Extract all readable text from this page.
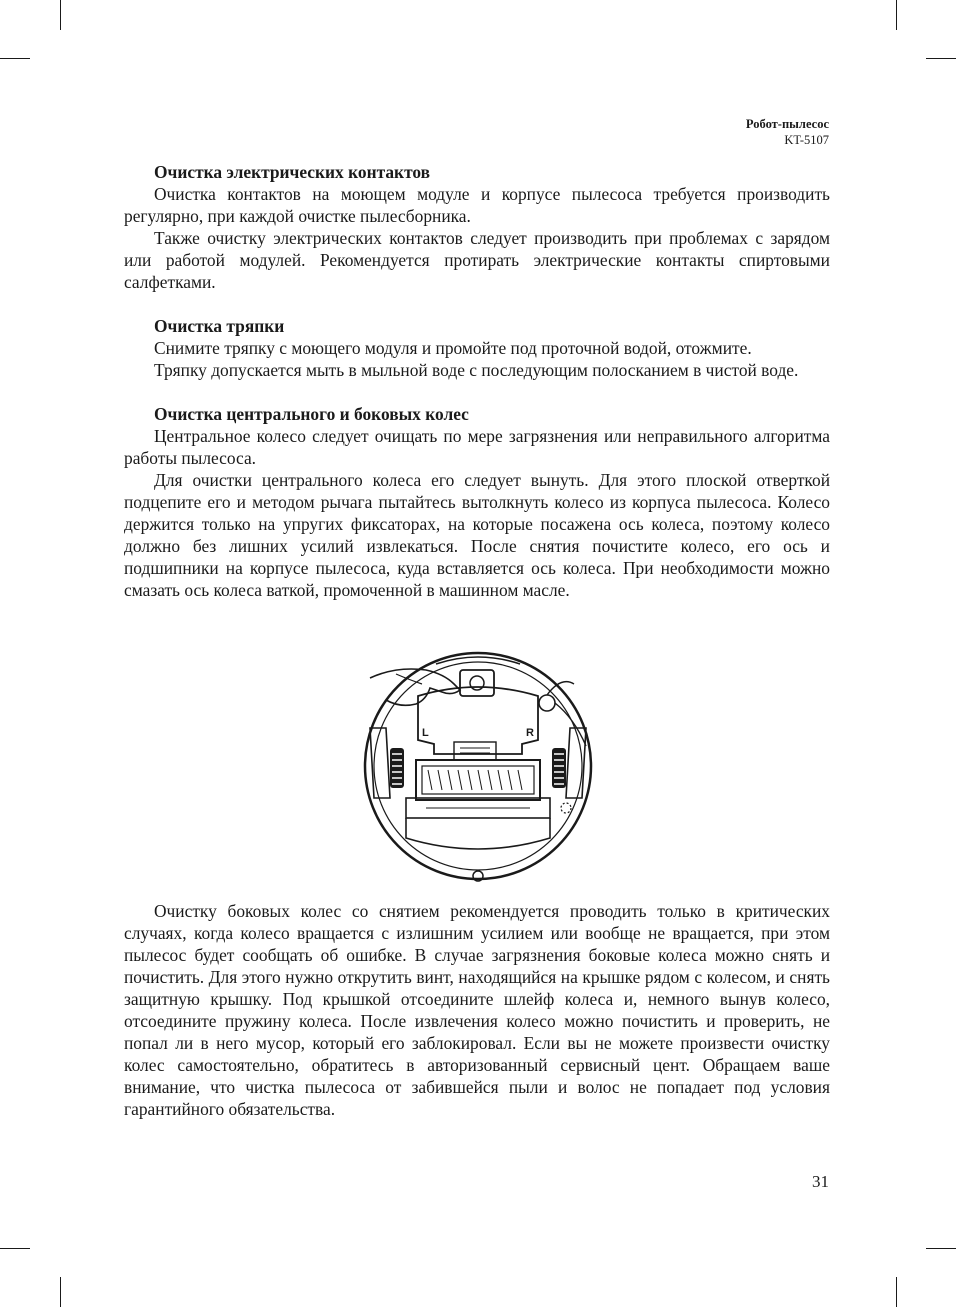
Робот-пылесос
KT-5107
Очистка электрических контактов

Очистка контактов на моющем модуле и корпусе пылесоса требуется производить регулярно, при каждой очистке пылесборника.

Также очистку электрических контактов следует производить при проблемах с зарядом или работой модулей. Рекомендуется протирать электрические контакты спиртовыми салфетками.

Очистка тряпки

Снимите тряпку с моющего модуля и промойте под проточной водой, отожмите.

Тряпку допускается мыть в мыльной воде с последующим полосканием в чистой воде.

Очистка центрального и боковых колес

Центральное колесо следует очищать по мере загрязнения или неправильного алгоритма работы пылесоса.

Для очистки центрального колеса его следует вынуть. Для этого плоской отверткой подцепите его и методом рычага пытайтесь вытолкнуть колесо из корпуса пылесоса. Колесо держится только на упругих фиксаторах, на которые посажена ось колеса, поэтому колесо должно без лишних усилий извлекаться. После снятия почистите колесо, его ось и подшипники на корпусе пылесоса, куда вставляется ось колеса. При необходимости можно смазать ось колеса ваткой, промоченной в машинном масле.

L	R

Очистку боковых колес со снятием рекомендуется проводить только в критических случаях, когда колесо вращается с излишним усилием или вообще не вращается, при этом пылесос будет сообщать об ошибке. В случае загрязнения боковые колеса можно снять и почистить. Для этого нужно открутить винт, находящийся на крышке рядом с колесом, и снять защитную крышку. Под крышкой отсоедините шлейф колеса и, немного вынув колесо, отсоедините пружину колеса. После извлечения колесо можно почистить и проверить, не попал ли в него мусор, который его заблокировал. Если вы не можете произвести очистку колес самостоятельно, обратитесь в авторизованный сервисный цент. Обращаем ваше внимание, что чистка пылесоса от забившейся пыли и волос не попадает под условия гарантийного обязательства.

31
